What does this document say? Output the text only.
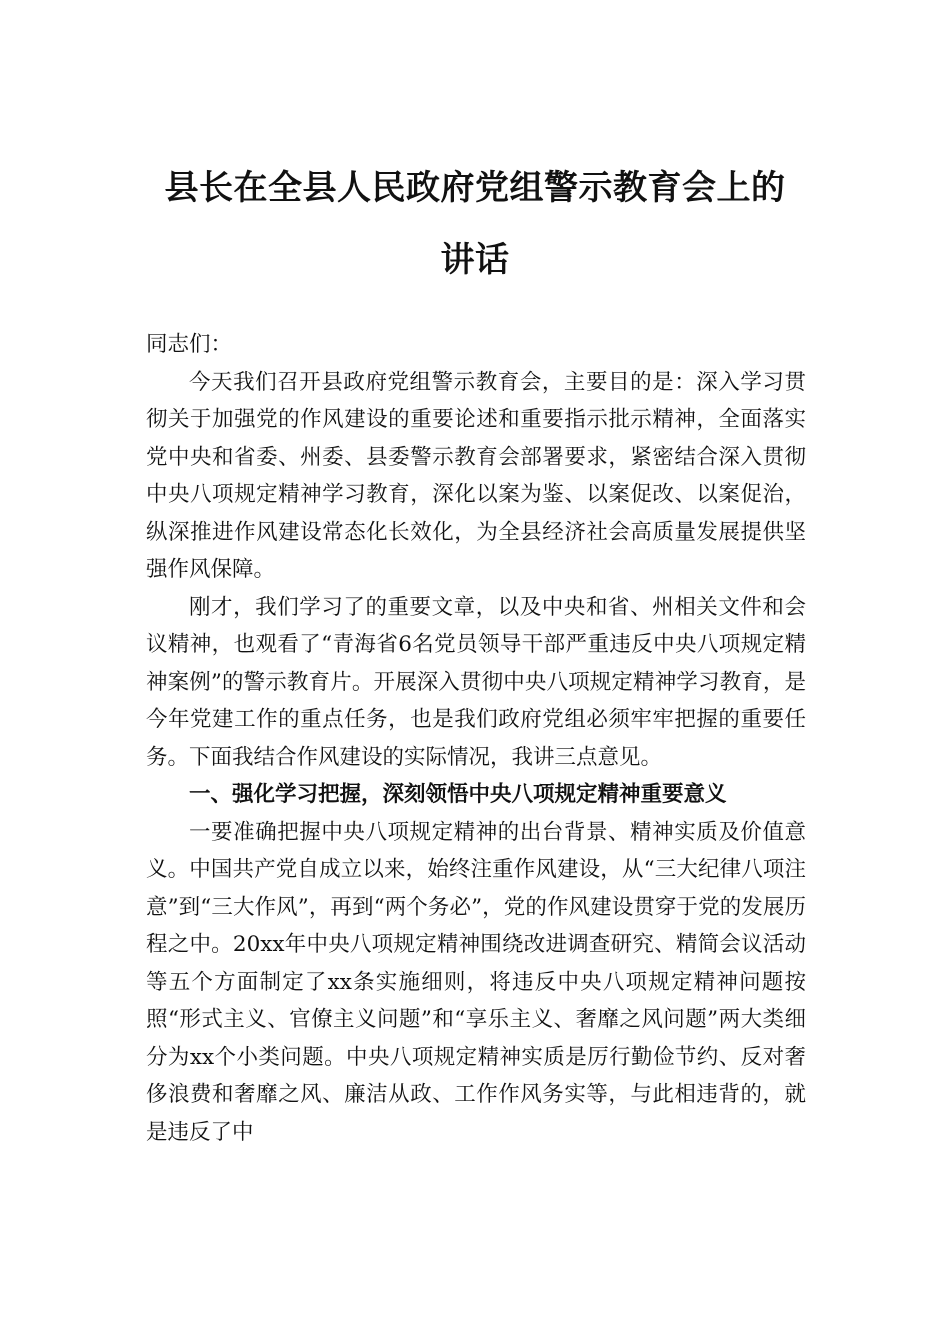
县长在全县人民政府党组警示教育会上的
讲话

同志们：

今天我们召开县政府党组警示教育会，主要目的是：深入学习贯彻关于加强党的作风建设的重要论述和重要指示批示精神，全面落实党中央和省委、州委、县委警示教育会部署要求，紧密结合深入贯彻中央八项规定精神学习教育，深化以案为鉴、以案促改、以案促治，纵深推进作风建设常态化长效化，为全县经济社会高质量发展提供坚强作风保障。

刚才，我们学习了的重要文章，以及中央和省、州相关文件和会议精神，也观看了“青海省6名党员领导干部严重违反中央八项规定精神案例”的警示教育片。开展深入贯彻中央八项规定精神学习教育，是今年党建工作的重点任务，也是我们政府党组必须牢牢把握的重要任务。下面我结合作风建设的实际情况，我讲三点意见。

一、强化学习把握，深刻领悟中央八项规定精神重要意义

一要准确把握中央八项规定精神的出台背景、精神实质及价值意义。中国共产党自成立以来，始终注重作风建设，从“三大纪律八项注意”到“三大作风”，再到“两个务必”，党的作风建设贯穿于党的发展历程之中。20xx年中央八项规定精神围绕改进调查研究、精简会议活动等五个方面制定了xx条实施细则，将违反中央八项规定精神问题按照“形式主义、官僚主义问题”和“享乐主义、奢靡之风问题”两大类细分为xx个小类问题。中央八项规定精神实质是厉行勤俭节约、反对奢侈浪费和奢靡之风、廉洁从政、工作作风务实等，与此相违背的，就是违反了中
